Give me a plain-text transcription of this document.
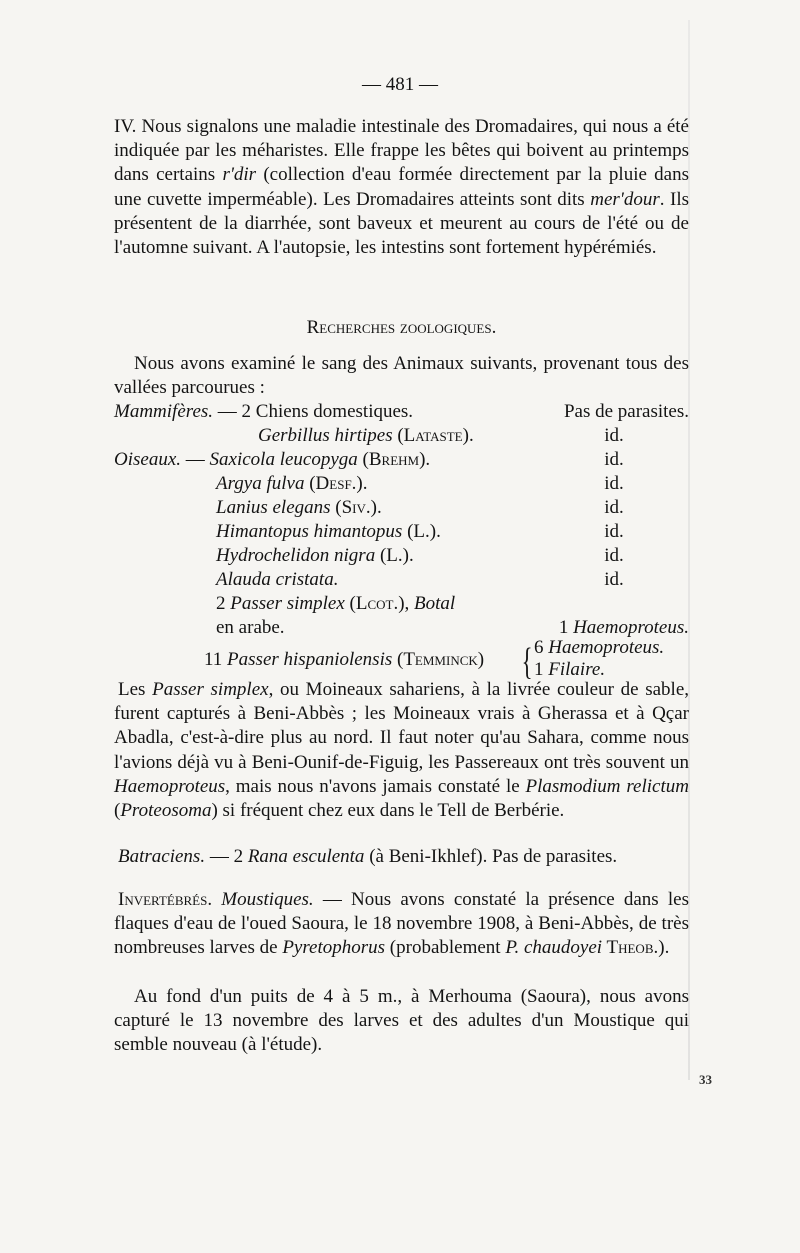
— 481 —

IV. Nous signalons une maladie intestinale des Dromadaires, qui nous a été indiquée par les méharistes. Elle frappe les bêtes qui boivent au printemps dans certains r'dir (collection d'eau formée directement par la pluie dans une cuvette imperméable). Les Dromadaires atteints sont dits mer'dour. Ils présentent de la diarrhée, sont baveux et meurent au cours de l'été ou de l'automne suivant. A l'autopsie, les intestins sont fortement hypérémiés.

Recherches zoologiques.

Nous avons examiné le sang des Animaux suivants, provenant tous des vallées parcourues :

Mammifères. — 2 Chiens domestiques.	Pas de parasites.
Gerbillus hirtipes (Lataste).	id.
Oiseaux. — Saxicola leucopyga (Brehm).	id.
Argya fulva (Desf.).	id.
Lanius elegans (Siv.).	id.
Himantopus himantopus (L.).	id.
Hydrochelidon nigra (L.).	id.
Alauda cristata.	id.
2 Passer simplex (Lcot.), Botal
en arabe.	1 Haemoproteus.
11 Passer hispaniolensis (Temminck) { 6 Haemoproteus.
1 Filaire.

Les Passer simplex, ou Moineaux sahariens, à la livrée couleur de sable, furent capturés à Beni-Abbès ; les Moineaux vrais à Gherassa et à Qçar Abadla, c'est-à-dire plus au nord. Il faut noter qu'au Sahara, comme nous l'avions déjà vu à Beni-Ounif-de-Figuig, les Passereaux ont très souvent un Haemoproteus, mais nous n'avons jamais constaté le Plasmodium relictum (Proteosoma) si fréquent chez eux dans le Tell de Berbérie.

Batraciens. — 2 Rana esculenta (à Beni-Ikhlef). Pas de parasites.

Invertébrés. Moustiques. — Nous avons constaté la présence dans les flaques d'eau de l'oued Saoura, le 18 novembre 1908, à Beni-Abbès, de très nombreuses larves de Pyretophorus (probablement P. chaudoyei Theob.).

Au fond d'un puits de 4 à 5 m., à Merhouma (Saoura), nous avons capturé le 13 novembre des larves et des adultes d'un Moustique qui semble nouveau (à l'étude).

33
